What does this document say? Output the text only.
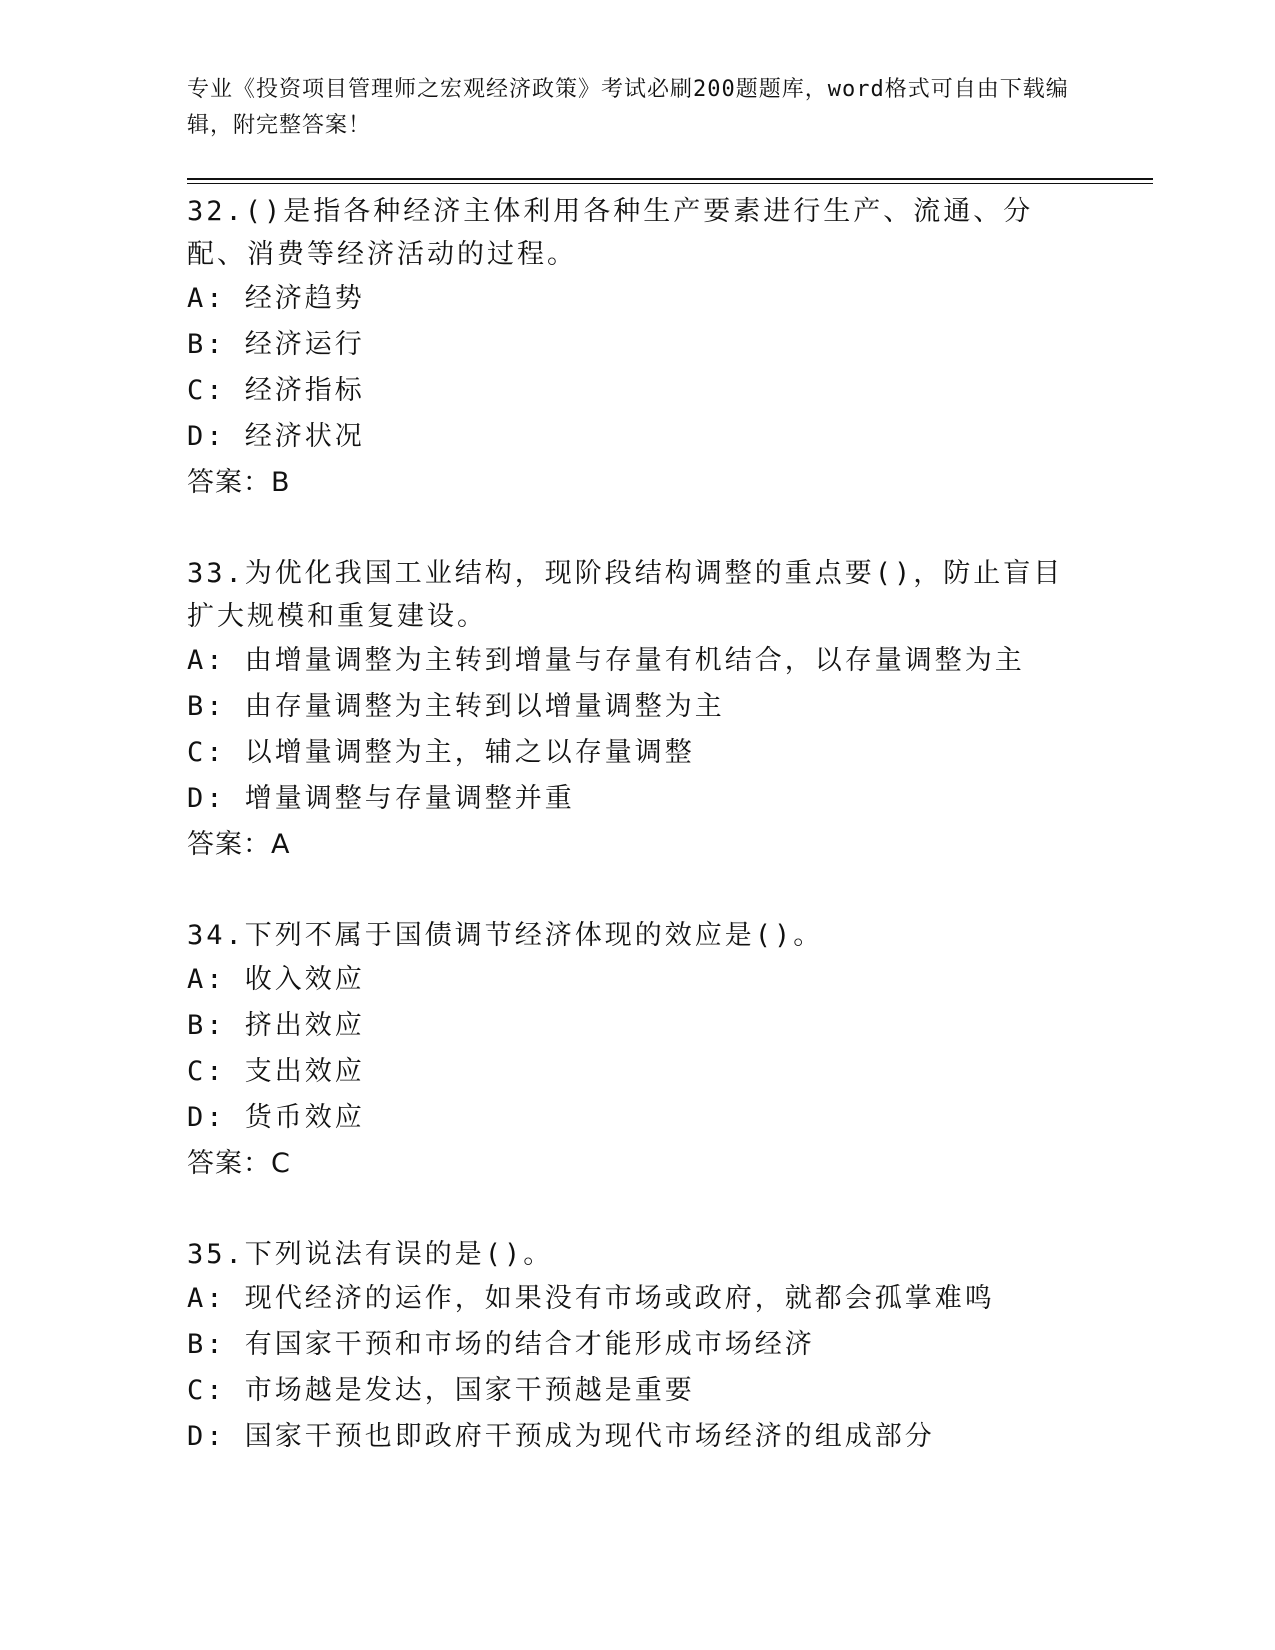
专业《投资项目管理师之宏观经济政策》考试必刷200题题库，word格式可自由下载编辑，附完整答案！
32.()是指各种经济主体利用各种生产要素进行生产、流通、分配、消费等经济活动的过程。
A: 经济趋势
B: 经济运行
C: 经济指标
D: 经济状况
答案：B
33.为优化我国工业结构，现阶段结构调整的重点要()，防止盲目扩大规模和重复建设。
A: 由增量调整为主转到增量与存量有机结合，以存量调整为主
B: 由存量调整为主转到以增量调整为主
C: 以增量调整为主，辅之以存量调整
D: 增量调整与存量调整并重
答案：A
34.下列不属于国债调节经济体现的效应是()。
A: 收入效应
B: 挤出效应
C: 支出效应
D: 货币效应
答案：C
35.下列说法有误的是()。
A: 现代经济的运作，如果没有市场或政府，就都会孤掌难鸣
B: 有国家干预和市场的结合才能形成市场经济
C: 市场越是发达，国家干预越是重要
D: 国家干预也即政府干预成为现代市场经济的组成部分
